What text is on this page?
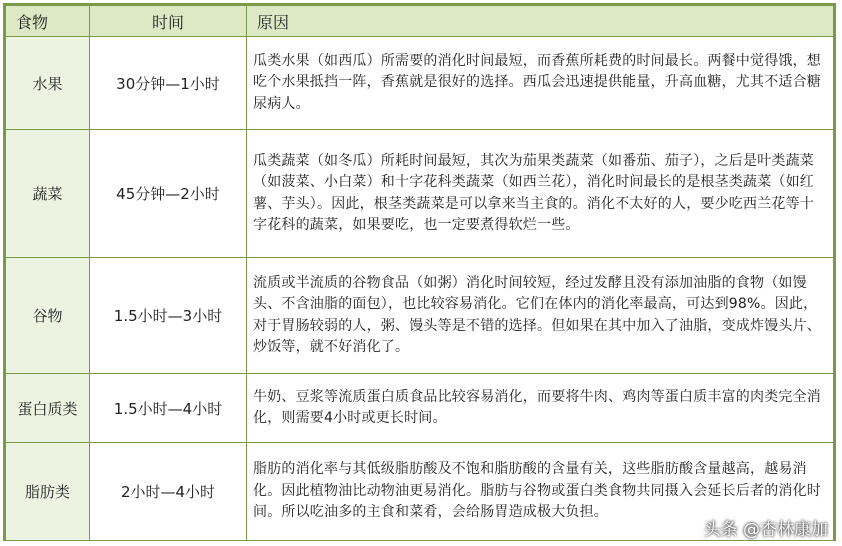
食物	时间	原因
水果	30分钟—1小时	瓜类水果（如西瓜）所需要的消化时间最短，而香蕉所耗费的时间最长。两餐中觉得饿，想吃个水果抵挡一阵，香蕉就是很好的选择。西瓜会迅速提供能量，升高血糖，尤其不适合糖尿病人。
蔬菜	45分钟—2小时	瓜类蔬菜（如冬瓜）所耗时间最短，其次为茄果类蔬菜（如番茄、茄子），之后是叶类蔬菜（如菠菜、小白菜）和十字花科类蔬菜（如西兰花），消化时间最长的是根茎类蔬菜（如红薯、芋头）。因此，根茎类蔬菜是可以拿来当主食的。消化不太好的人，要少吃西兰花等十字花科的蔬菜，如果要吃，也一定要煮得软烂一些。
谷物	1.5小时—3小时	流质或半流质的谷物食品（如粥）消化时间较短，经过发酵且没有添加油脂的食物（如馒头、不含油脂的面包），也比较容易消化。它们在体内的消化率最高，可达到98%。因此，对于胃肠较弱的人，粥、馒头等是不错的选择。但如果在其中加入了油脂，变成炸馒头片、炒饭等，就不好消化了。
蛋白质类	1.5小时—4小时	牛奶、豆浆等流质蛋白质食品比较容易消化，而要将牛肉、鸡肉等蛋白质丰富的肉类完全消化，则需要4小时或更长时间。
脂肪类	2小时—4小时	脂肪的消化率与其低级脂肪酸及不饱和脂肪酸的含量有关，这些脂肪酸含量越高，越易消化。因此植物油比动物油更易消化。脂肪与谷物或蛋白类食物共同摄入会延长后者的消化时间。所以吃油多的主食和菜肴，会给肠胃造成极大负担。
头条 @杏林康加
